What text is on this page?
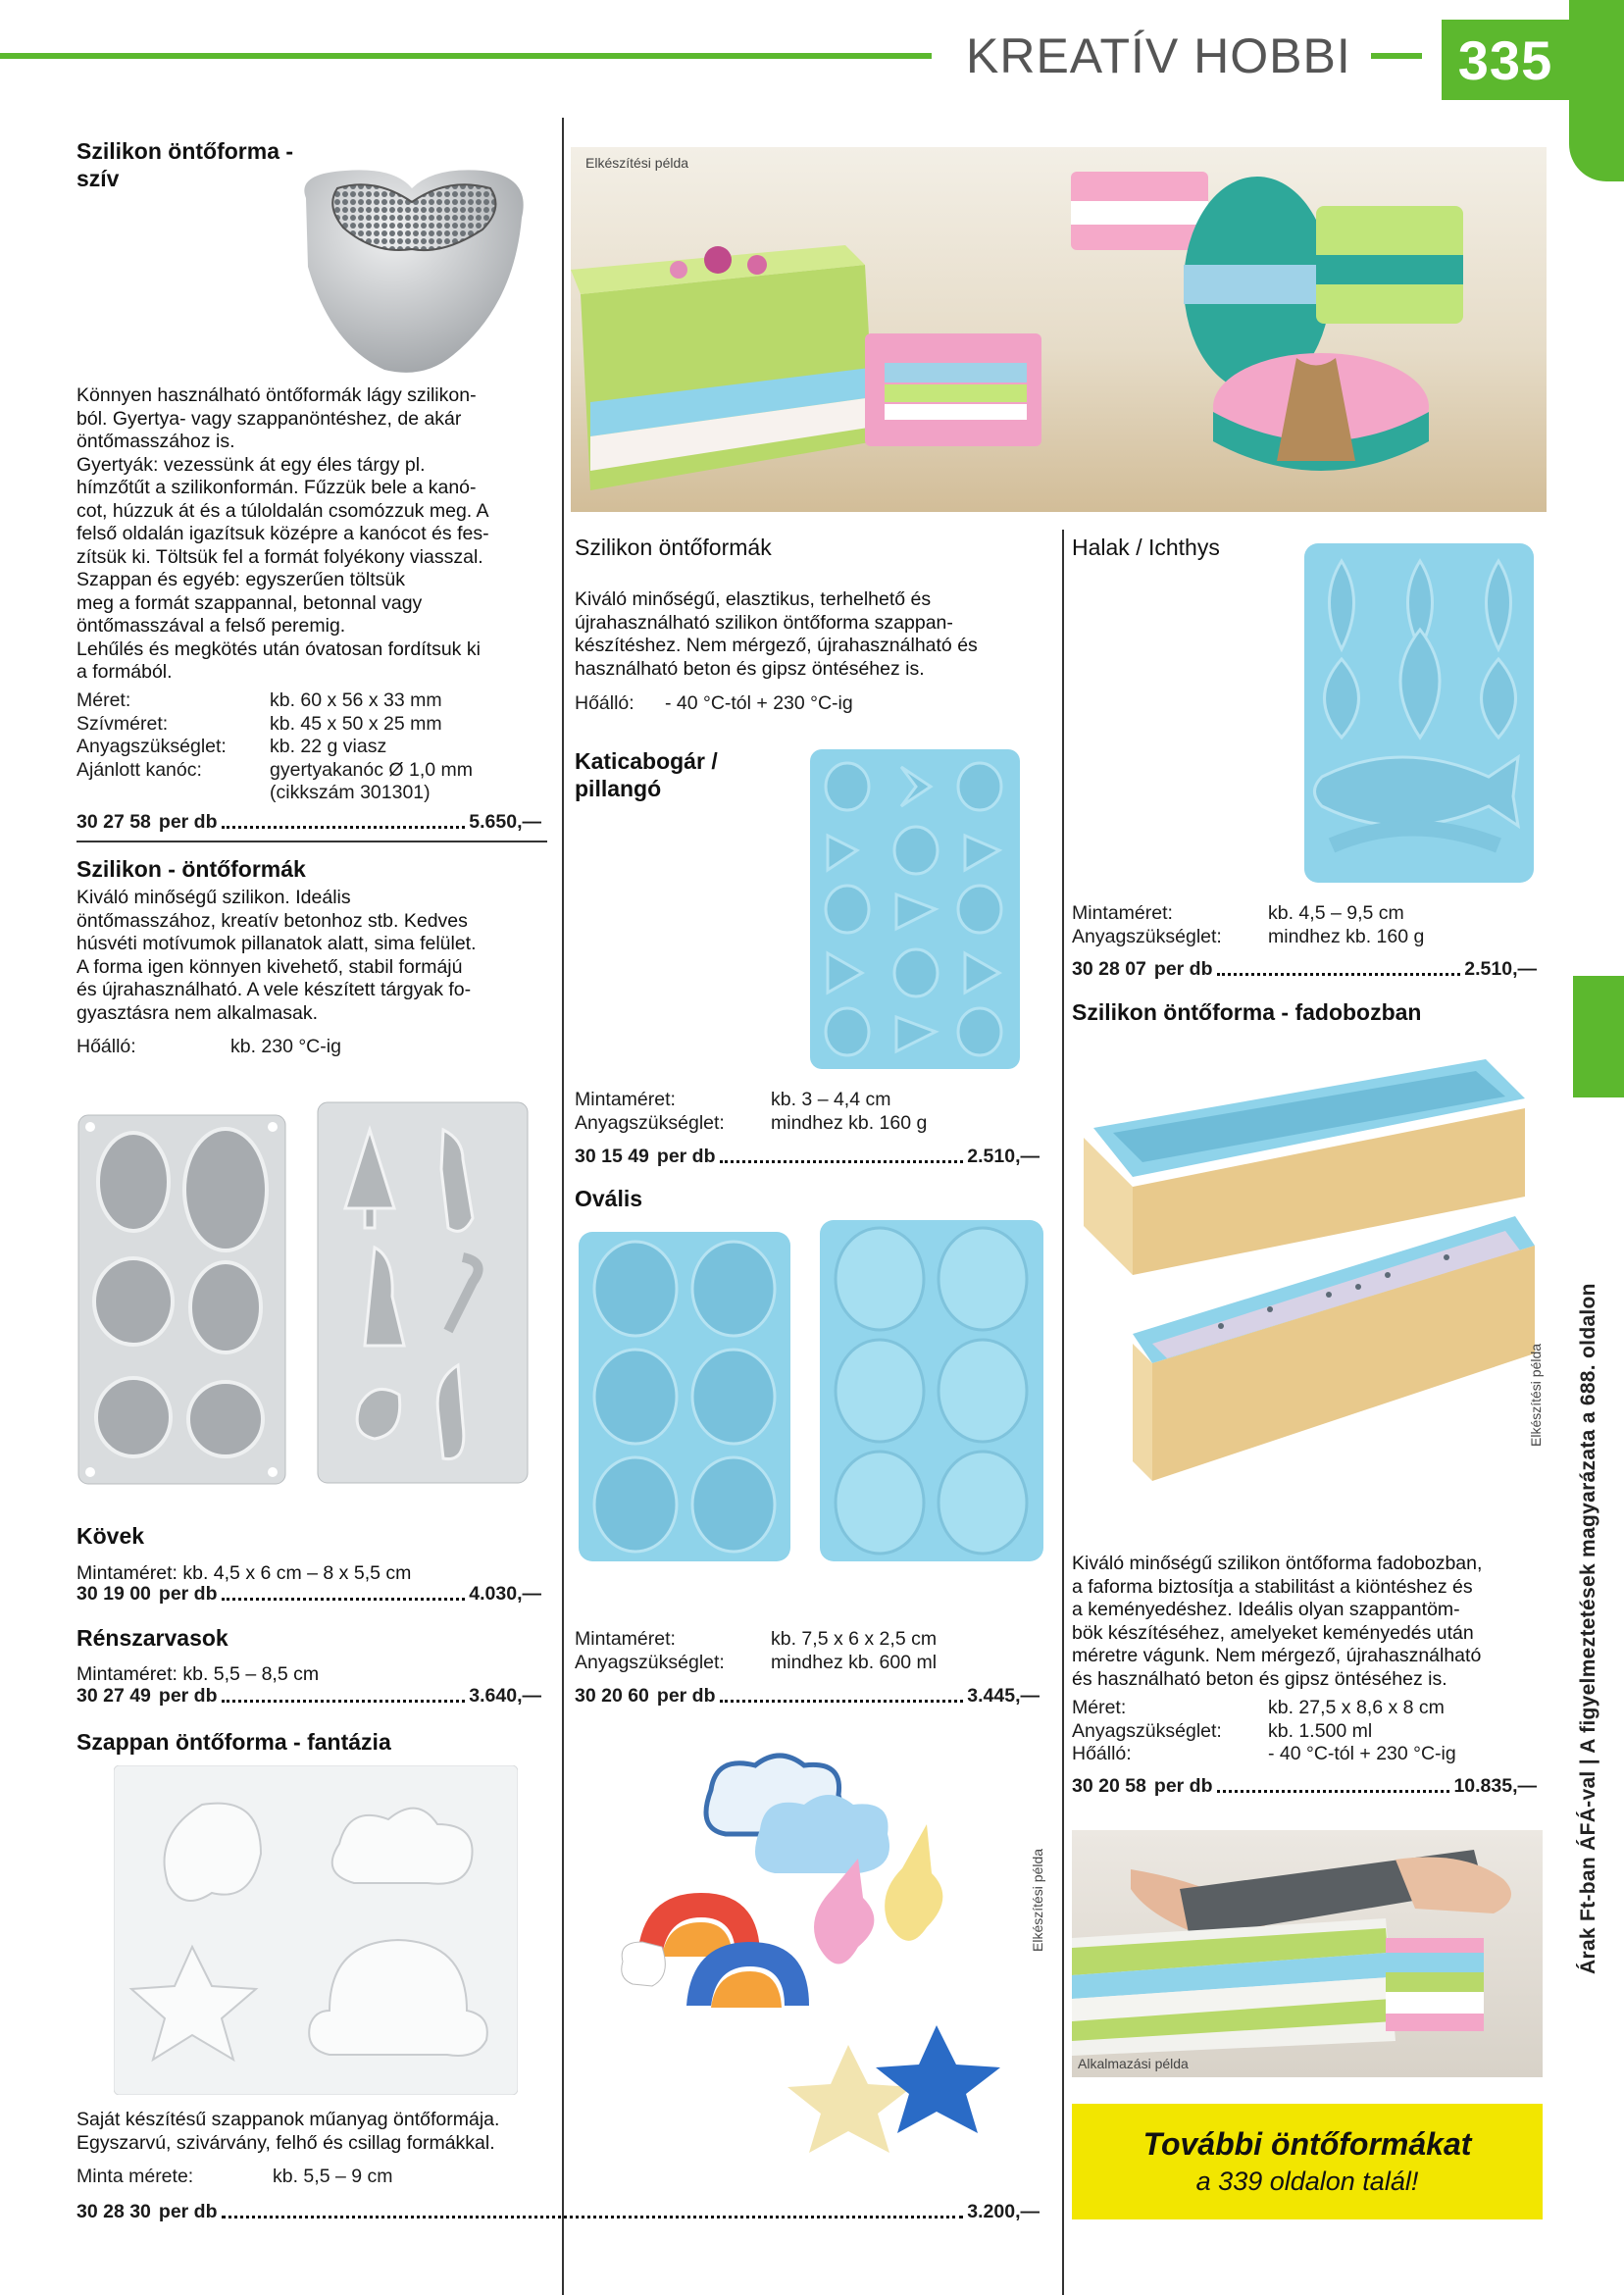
KREATÍV HOBBI 335
Árak Ft-ban ÁFÁ-val | A figyelmeztetések magyarázata a 688. oldalon
Szilikon öntőforma -
szív
Könnyen használható öntőformák lágy szilikon-
ból. Gyertya- vagy szappanöntéshez, de akár
öntőmasszához is.
Gyertyák: vezessünk át egy éles tárgy pl.
hímzőtűt a szilikonformán. Fűzzük bele a kanó-
cot, húzzuk át és a túloldalán csomózzuk meg. A
felső oldalán igazítsuk középre a kanócot és fes-
zítsük ki. Töltsük fel a formát folyékony viasszal.
Szappan és egyéb: egyszerűen töltsük
meg a formát szappannal, betonnal vagy
öntőmasszával a felső peremig.
Lehűlés és megkötés után óvatosan fordítsuk ki
a formából.
Méret:	kb. 60 x 56 x 33 mm
Szívméret:	kb. 45 x 50 x 25 mm
Anyagszükséglet:	kb. 22 g viasz
Ajánlott kanóc:	gyertyakanóc Ø 1,0 mm
(cikkszám 301301)
30 27 58 per db	5.650,—
Szilikon - öntőformák
Kiváló minőségű szilikon. Ideális
öntőmasszához, kreatív betonhoz stb. Kedves
húsvéti motívumok pillanatok alatt, sima felület.
A forma igen könnyen kivehető, stabil formájú
és újrahasználható. A vele készített tárgyak fo-
gyasztásra nem alkalmasak.
Hőálló:	kb. 230 °C-ig
Kövek
Mintaméret: kb. 4,5 x 6 cm – 8 x 5,5 cm
30 19 00 per db	4.030,—
Rénszarvasok
Mintaméret: kb. 5,5 – 8,5 cm
30 27 49 per db	3.640,—
Szappan öntőforma - fantázia
Saját készítésű szappanok műanyag öntőformája.
Egyszarvú, szivárvány, felhő és csillag formákkal.
Minta mérete:	kb. 5,5 – 9 cm
30 28 30 per db	3.200,—
Elkészítési példa
Szilikon öntőformák
Kiváló minőségű, elasztikus, terhelhető és
újrahasználható szilikon öntőforma szappan-
készítéshez. Nem mérgező, újrahasználható és
használható beton és gipsz öntéséhez is.
Hőálló:	- 40 °C-tól + 230 °C-ig
Katicabogár /
pillangó
Mintaméret:	kb. 3 – 4,4 cm
Anyagszükséglet:	mindhez kb. 160 g
30 15 49 per db	2.510,—
Ovális
Mintaméret:	kb. 7,5 x 6 x 2,5 cm
Anyagszükséglet:	mindhez kb. 600 ml
30 20 60 per db	3.445,—
Elkészítési példa
Halak / Ichthys
Mintaméret:	kb. 4,5 – 9,5 cm
Anyagszükséglet:	mindhez kb. 160 g
30 28 07 per db	2.510,—
Szilikon öntőforma - fadobozban
Elkészítési példa
Kiváló minőségű szilikon öntőforma fadobozban,
a faforma biztosítja a stabilitást a kiöntéshez és
a keményedéshez. Ideális olyan szappantöm-
bök készítéséhez, amelyeket keményedés után
méretre vágunk. Nem mérgező, újrahasználható
és használható beton és gipsz öntéséhez is.
Méret:	kb. 27,5 x 8,6 x 8 cm
Anyagszükséglet:	kb. 1.500 ml
Hőálló:	- 40 °C-tól + 230 °C-ig
30 20 58 per db	10.835,—
Alkalmazási példa
További öntőformákat
a 339 oldalon talál!
